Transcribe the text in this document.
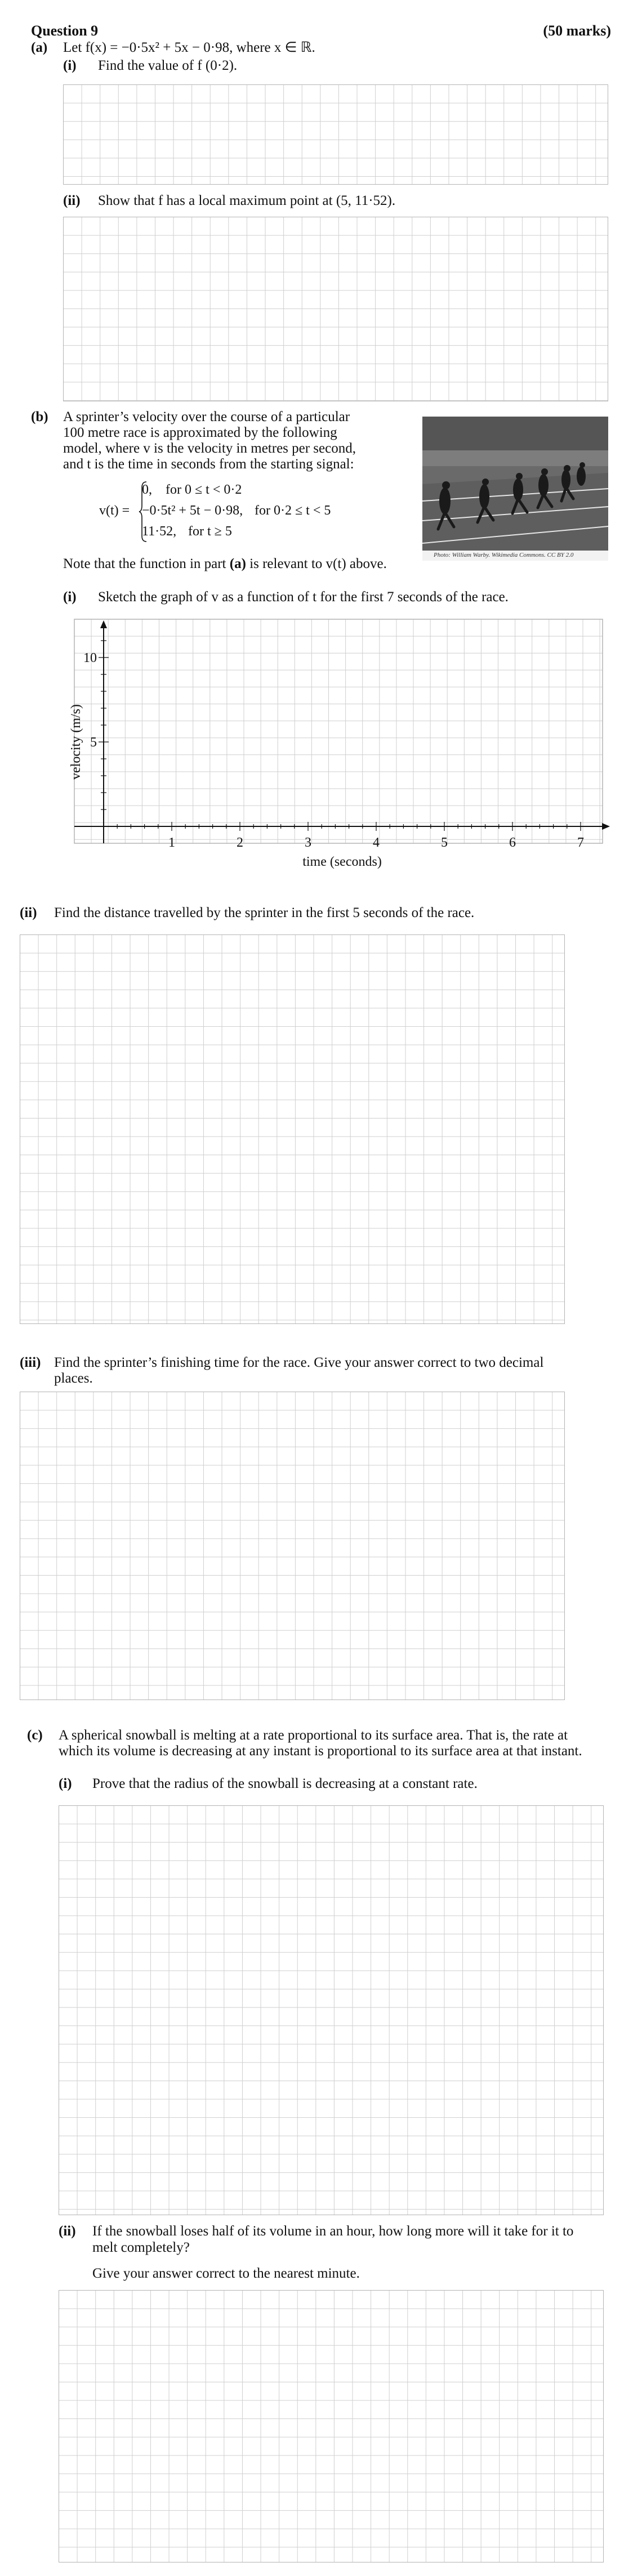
Question 9	(50 marks)
(a) Let f(x) = −0·5x² + 5x − 0·98, where x ∈ ℝ.
(i) Find the value of f (0·2).
(ii) Show that f has a local maximum point at (5, 11·52).
(b) A sprinter’s velocity over the course of a particular
100 metre race is approximated by the following
model, where v is the velocity in metres per second,
and t is the time in seconds from the starting signal:
v(t) =
0, for 0 ≤ t < 0·2
−0·5t² + 5t − 0·98, for 0·2 ≤ t < 5
11·52, for t ≥ 5
Note that the function in part (a) is relevant to v(t) above.
Photo: William Warby. Wikimedia Commons. CC BY 2.0
(i) Sketch the graph of v as a function of t for the first 7 seconds of the race.
1	2	3	4	5	6	7
5
10
time (seconds)
velocity (m/s)
(ii) Find the distance travelled by the sprinter in the first 5 seconds of the race.
(iii) Find the sprinter’s finishing time for the race. Give your answer correct to two decimal
places.
(c) A spherical snowball is melting at a rate proportional to its surface area. That is, the rate at
which its volume is decreasing at any instant is proportional to its surface area at that instant.
(i) Prove that the radius of the snowball is decreasing at a constant rate.
(ii) If the snowball loses half of its volume in an hour, how long more will it take for it to
melt completely?
Give your answer correct to the nearest minute.
